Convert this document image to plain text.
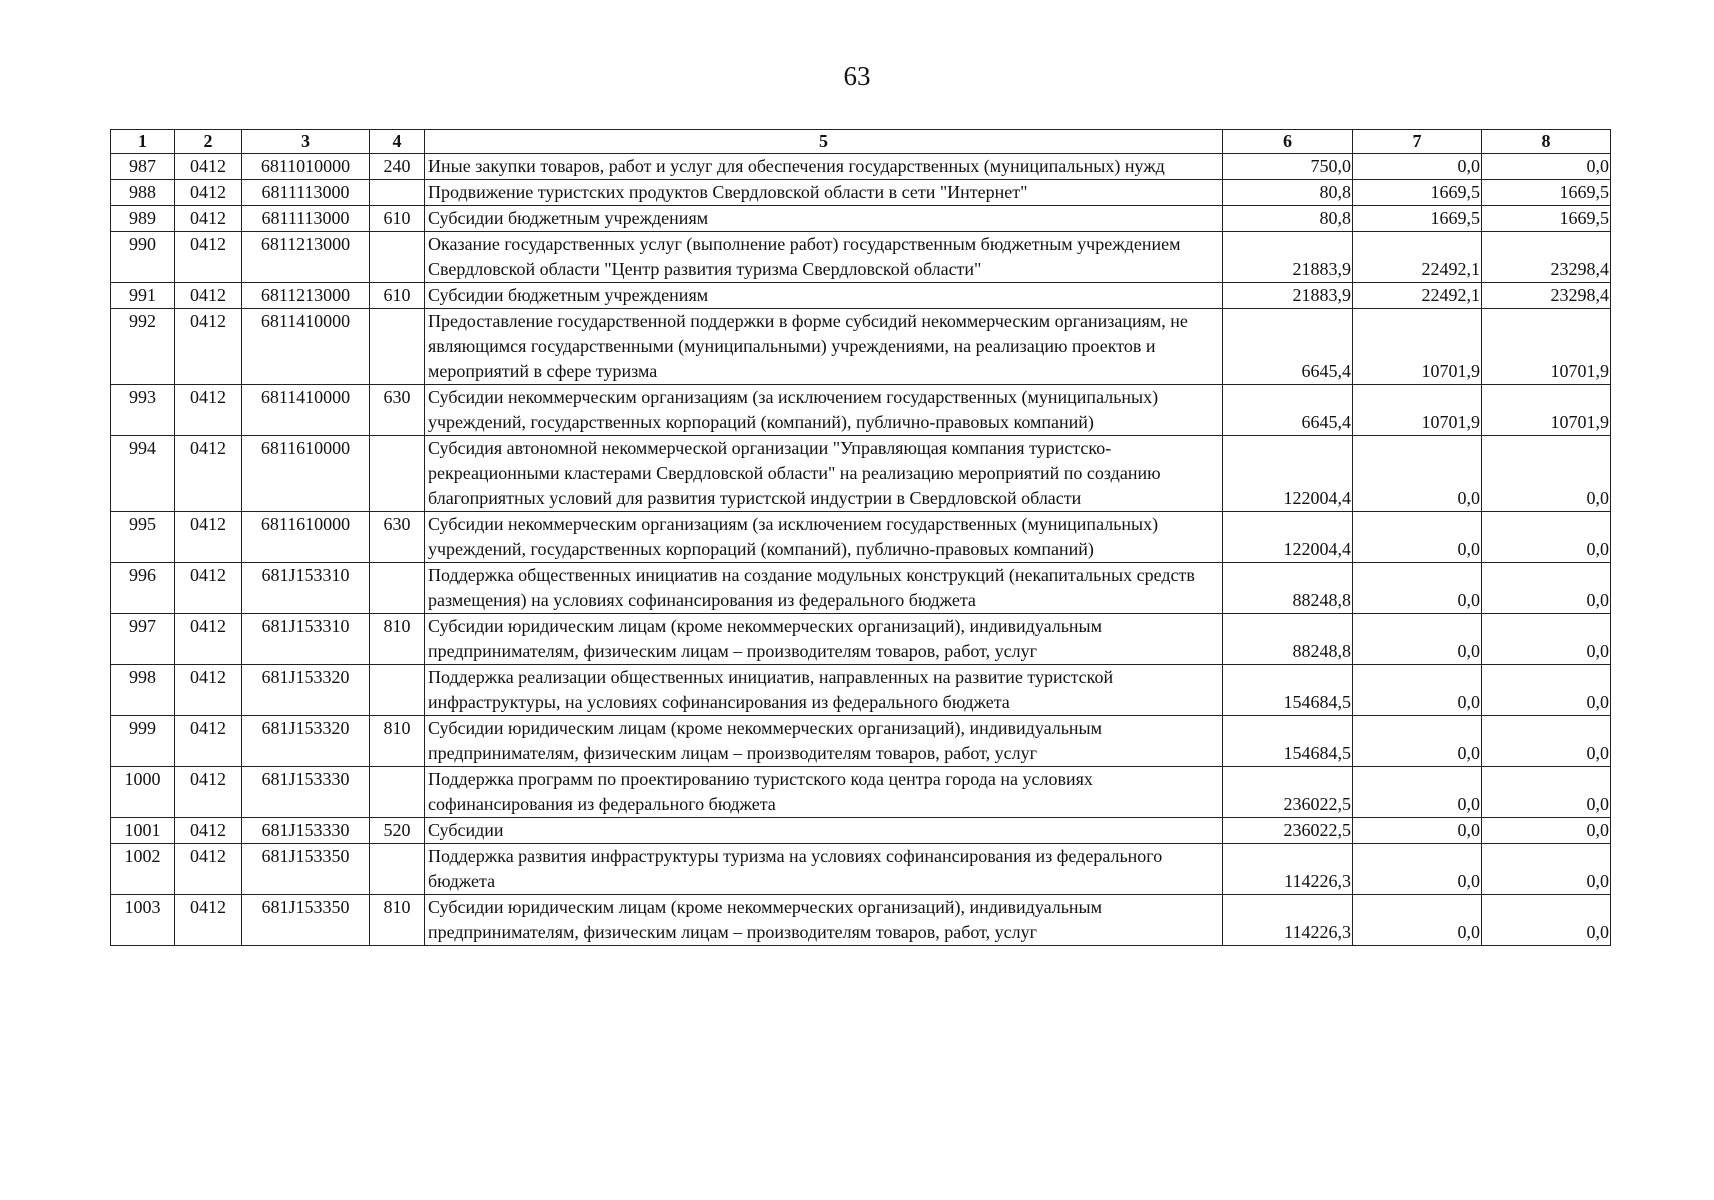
63
1	2	3	4	5	6	7	8
987	0412	6811010000	240	Иные закупки товаров, работ и услуг для обеспечения государственных (муниципальных) нужд	750,0	0,0	0,0
988	0412	6811113000		Продвижение туристских продуктов Свердловской области в сети "Интернет"	80,8	1669,5	1669,5
989	0412	6811113000	610	Субсидии бюджетным учреждениям	80,8	1669,5	1669,5
990	0412	6811213000		Оказание государственных услуг (выполнение работ) государственным бюджетным учреждением Свердловской области "Центр развития туризма Свердловской области"	21883,9	22492,1	23298,4
991	0412	6811213000	610	Субсидии бюджетным учреждениям	21883,9	22492,1	23298,4
992	0412	6811410000		Предоставление государственной поддержки в форме субсидий некоммерческим организациям, не являющимся государственными (муниципальными) учреждениями, на реализацию проектов и мероприятий в сфере туризма	6645,4	10701,9	10701,9
993	0412	6811410000	630	Субсидии некоммерческим организациям (за исключением государственных (муниципальных) учреждений, государственных корпораций (компаний), публично-правовых компаний)	6645,4	10701,9	10701,9
994	0412	6811610000		Субсидия автономной некоммерческой организации "Управляющая компания туристско-рекреационными кластерами Свердловской области" на реализацию мероприятий по созданию благоприятных условий для развития туристской индустрии в Свердловской области	122004,4	0,0	0,0
995	0412	6811610000	630	Субсидии некоммерческим организациям (за исключением государственных (муниципальных) учреждений, государственных корпораций (компаний), публично-правовых компаний)	122004,4	0,0	0,0
996	0412	681J153310		Поддержка общественных инициатив на создание модульных конструкций (некапитальных средств размещения) на условиях софинансирования из федерального бюджета	88248,8	0,0	0,0
997	0412	681J153310	810	Субсидии юридическим лицам (кроме некоммерческих организаций), индивидуальным предпринимателям, физическим лицам – производителям товаров, работ, услуг	88248,8	0,0	0,0
998	0412	681J153320		Поддержка реализации общественных инициатив, направленных на развитие туристской инфраструктуры, на условиях софинансирования из федерального бюджета	154684,5	0,0	0,0
999	0412	681J153320	810	Субсидии юридическим лицам (кроме некоммерческих организаций), индивидуальным предпринимателям, физическим лицам – производителям товаров, работ, услуг	154684,5	0,0	0,0
1000	0412	681J153330		Поддержка программ по проектированию туристского кода центра города на условиях софинансирования из федерального бюджета	236022,5	0,0	0,0
1001	0412	681J153330	520	Субсидии	236022,5	0,0	0,0
1002	0412	681J153350		Поддержка развития инфраструктуры туризма на условиях софинансирования из федерального бюджета	114226,3	0,0	0,0
1003	0412	681J153350	810	Субсидии юридическим лицам (кроме некоммерческих организаций), индивидуальным предпринимателям, физическим лицам – производителям товаров, работ, услуг	114226,3	0,0	0,0
